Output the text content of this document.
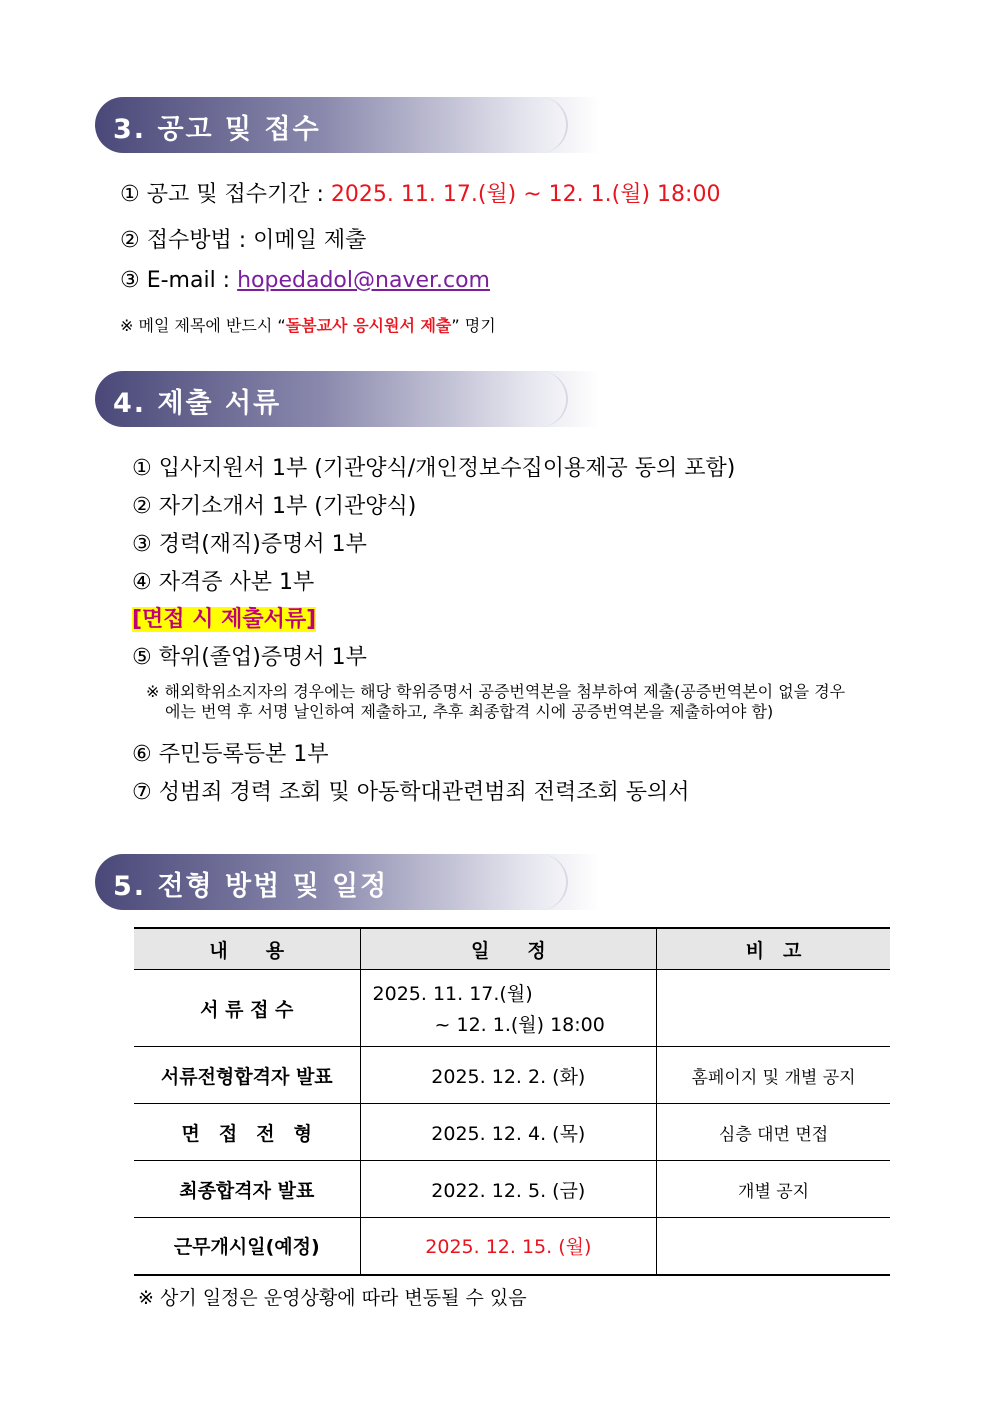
3. 공고 및 접수
① 공고 및 접수기간 : 2025. 11. 17.(월) ~ 12. 1.(월) 18:00
② 접수방법 : 이메일 제출
③ E-mail : hopedadol@naver.com
※ 메일 제목에 반드시 “돌봄교사 응시원서 제출” 명기
4. 제출 서류
① 입사지원서 1부 (기관양식/개인정보수집이용제공 동의 포함)
② 자기소개서 1부 (기관양식)
③ 경력(재직)증명서 1부
④ 자격증 사본 1부
[면접 시 제출서류]
⑤ 학위(졸업)증명서 1부
※ 해외학위소지자의 경우에는 해당 학위증명서 공증번역본을 첨부하여 제출(공증번역본이 없을 경우
에는 번역 후 서명 날인하여 제출하고, 추후 최종합격 시에 공증번역본을 제출하여야 함)
⑥ 주민등록등본 1부
⑦ 성범죄 경력 조회 및 아동학대관련범죄 전력조회 동의서
5. 전형 방법 및 일정
내　　용	일　　정	비　고
서 류 접 수	2025. 11. 17.(월)
~ 12. 1.(월) 18:00	

서류전형합격자 발표	2025. 12. 2. (화)	홈페이지 및 개별 공지
면　접　전　형	2025. 12. 4. (목)	심층 대면 면접
최종합격자 발표	2022. 12. 5. (금)	개별 공지
근무개시일(예정)	2025. 12. 15. (월)	
※ 상기 일정은 운영상황에 따라 변동될 수 있음
